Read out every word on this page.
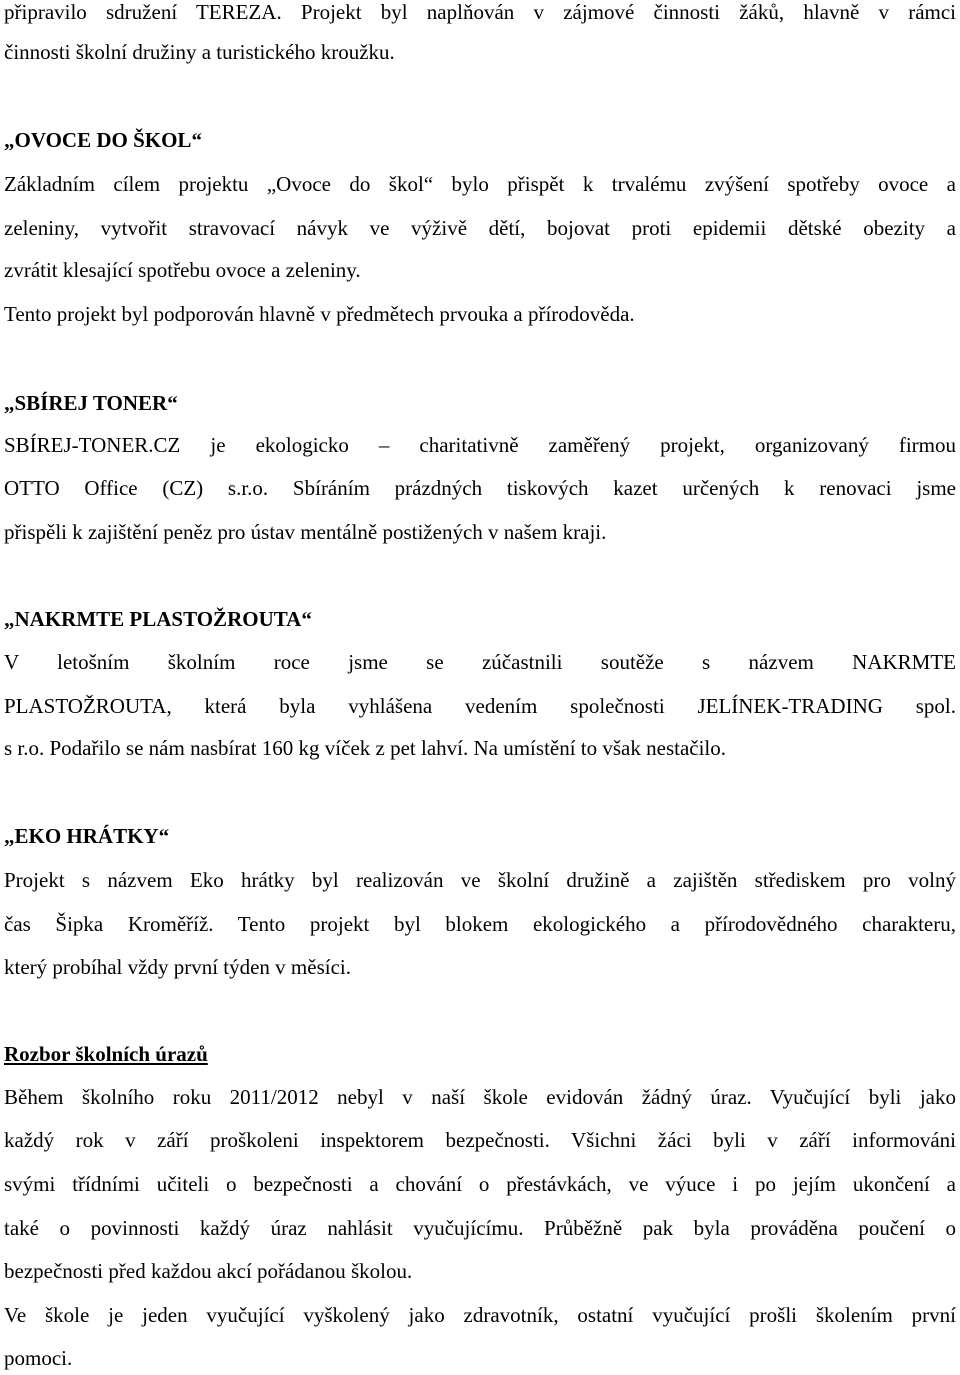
připravilo sdružení TEREZA. Projekt byl naplňován v zájmové činnosti žáků, hlavně v rámci
činnosti školní družiny a turistického kroužku.
„OVOCE DO ŠKOL“
Základním cílem projektu „Ovoce do škol“ bylo přispět k trvalému zvýšení spotřeby ovoce a
zeleniny, vytvořit stravovací návyk ve výživě dětí, bojovat proti epidemii dětské obezity a
zvrátit klesající spotřebu ovoce a zeleniny.
Tento projekt byl podporován hlavně v předmětech prvouka a přírodověda.
„SBÍREJ TONER“
SBÍREJ-TONER.CZ je ekologicko – charitativně zaměřený projekt, organizovaný firmou
OTTO Office (CZ) s.r.o. Sbíráním prázdných tiskových kazet určených k renovaci jsme
přispěli k zajištění peněz pro ústav mentálně postižených v našem kraji.
„NAKRMTE PLASTOŽROUTA“
V letošním školním roce jsme se zúčastnili soutěže s názvem NAKRMTE
PLASTOŽROUTA, která byla vyhlášena vedením společnosti JELÍNEK-TRADING spol.
s r.o. Podařilo se nám nasbírat 160 kg víček z pet lahví. Na umístění to však nestačilo.
„EKO HRÁTKY“
Projekt s názvem Eko hrátky byl realizován ve školní družině a zajištěn střediskem pro volný
čas Šipka Kroměříž. Tento projekt byl blokem ekologického a přírodovědného charakteru,
který probíhal vždy první týden v měsíci.
Rozbor školních úrazů
Během školního roku 2011/2012 nebyl v naší škole evidován žádný úraz. Vyučující byli jako
každý rok v září proškoleni inspektorem bezpečnosti. Všichni žáci byli v září informováni
svými třídními učiteli o bezpečnosti a chování o přestávkách, ve výuce i po jejím ukončení a
také o povinnosti každý úraz nahlásit vyučujícímu. Průběžně pak byla prováděna poučení o
bezpečnosti před každou akcí pořádanou školou.
Ve škole je jeden vyučující vyškolený jako zdravotník, ostatní vyučující prošli školením první
pomoci.
